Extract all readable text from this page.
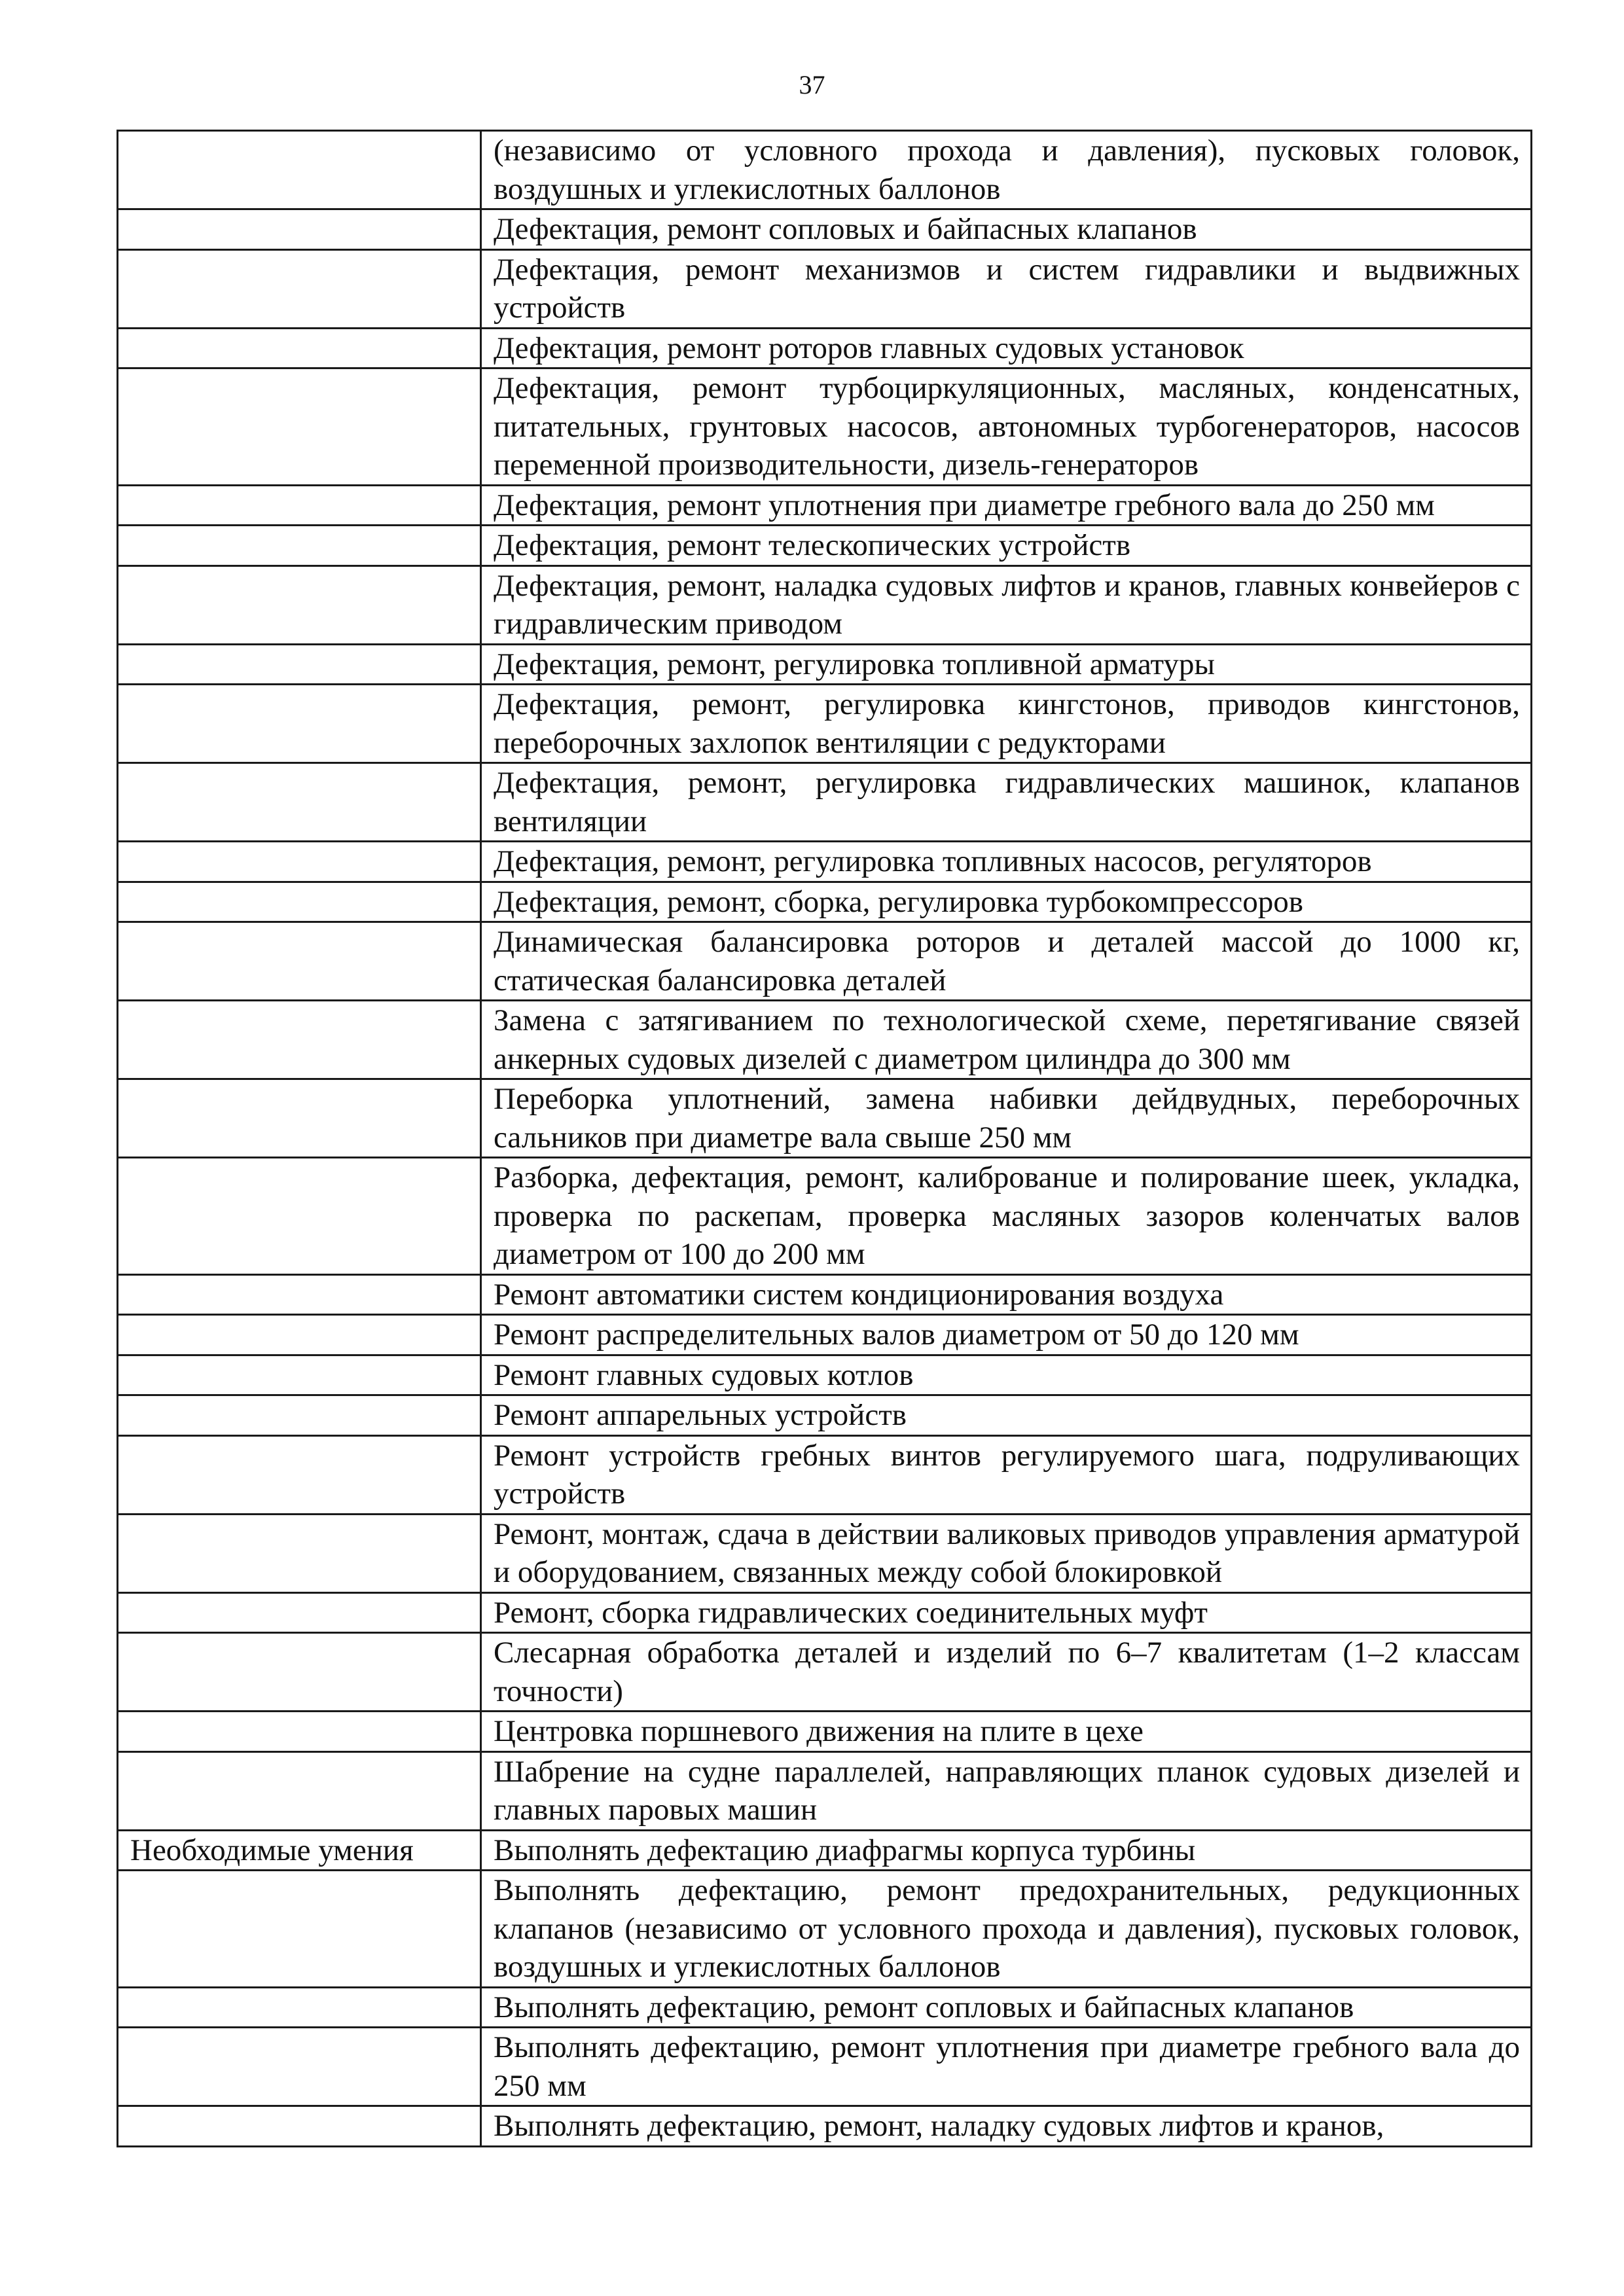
37
	(независимо от условного прохода и давления), пусковых головок, воздушных и углекислотных баллонов
	Дефектация, ремонт сопловых и байпасных клапанов
	Дефектация, ремонт механизмов и систем гидравлики и выдвижных устройств
	Дефектация, ремонт роторов главных судовых установок
	Дефектация, ремонт турбоциркуляционных, масляных, конденсатных, питательных, грунтовых насосов, автономных турбогенераторов, насосов переменной производительности, дизель-генераторов
	Дефектация, ремонт уплотнения при диаметре гребного вала до 250 мм
	Дефектация, ремонт телескопических устройств
	Дефектация, ремонт, наладка судовых лифтов и кранов, главных конвейеров с гидравлическим приводом
	Дефектация, ремонт, регулировка топливной арматуры
	Дефектация, ремонт, регулировка кингстонов, приводов кингстонов, переборочных захлопок вентиляции с редукторами
	Дефектация, ремонт, регулировка гидравлических машинок, клапанов вентиляции
	Дефектация, ремонт, регулировка топливных насосов, регуляторов
	Дефектация, ремонт, сборка, регулировка турбокомпрессоров
	Динамическая балансировка роторов и деталей массой до 1000 кг, статическая балансировка деталей
	Замена с затягиванием по технологической схеме, перетягивание связей анкерных судовых дизелей с диаметром цилиндра до 300 мм
	Переборка уплотнений, замена набивки дейдвудных, переборочных сальников при диаметре вала свыше 250 мм
	Разборка, дефектация, ремонт, калиброванuе и полирование шеек, укладка, проверка по раскепам, проверка масляных зазоров коленчатых валов диаметром от 100 до 200 мм
	Ремонт автоматики систем кондиционирования воздуха
	Ремонт распределительных валов диаметром от 50 до 120 мм
	Ремонт главных судовых котлов
	Ремонт аппарельных устройств
	Ремонт устройств гребных винтов регулируемого шага, подруливающих устройств
	Ремонт, монтаж, сдача в действии валиковых приводов управления арматурой и оборудованием, связанных между собой блокировкой
	Ремонт, сборка гидравлических соединительных муфт
	Слесарная обработка деталей и изделий по 6–7 квалитетам (1–2 классам точности)
	Центровка поршневого движения на плите в цехе
	Шабрение на судне параллелей, направляющих планок судовых дизелей и главных паровых машин
Необходимые умения	Выполнять дефектацию диафрагмы корпуса турбины
	Выполнять дефектацию, ремонт предохранительных, редукционных клапанов (независимо от условного прохода и давления), пусковых головок, воздушных и углекислотных баллонов
	Выполнять дефектацию, ремонт сопловых и байпасных клапанов
	Выполнять дефектацию, ремонт уплотнения при диаметре гребного вала до 250 мм
	Выполнять дефектацию, ремонт, наладку судовых лифтов и кранов,
